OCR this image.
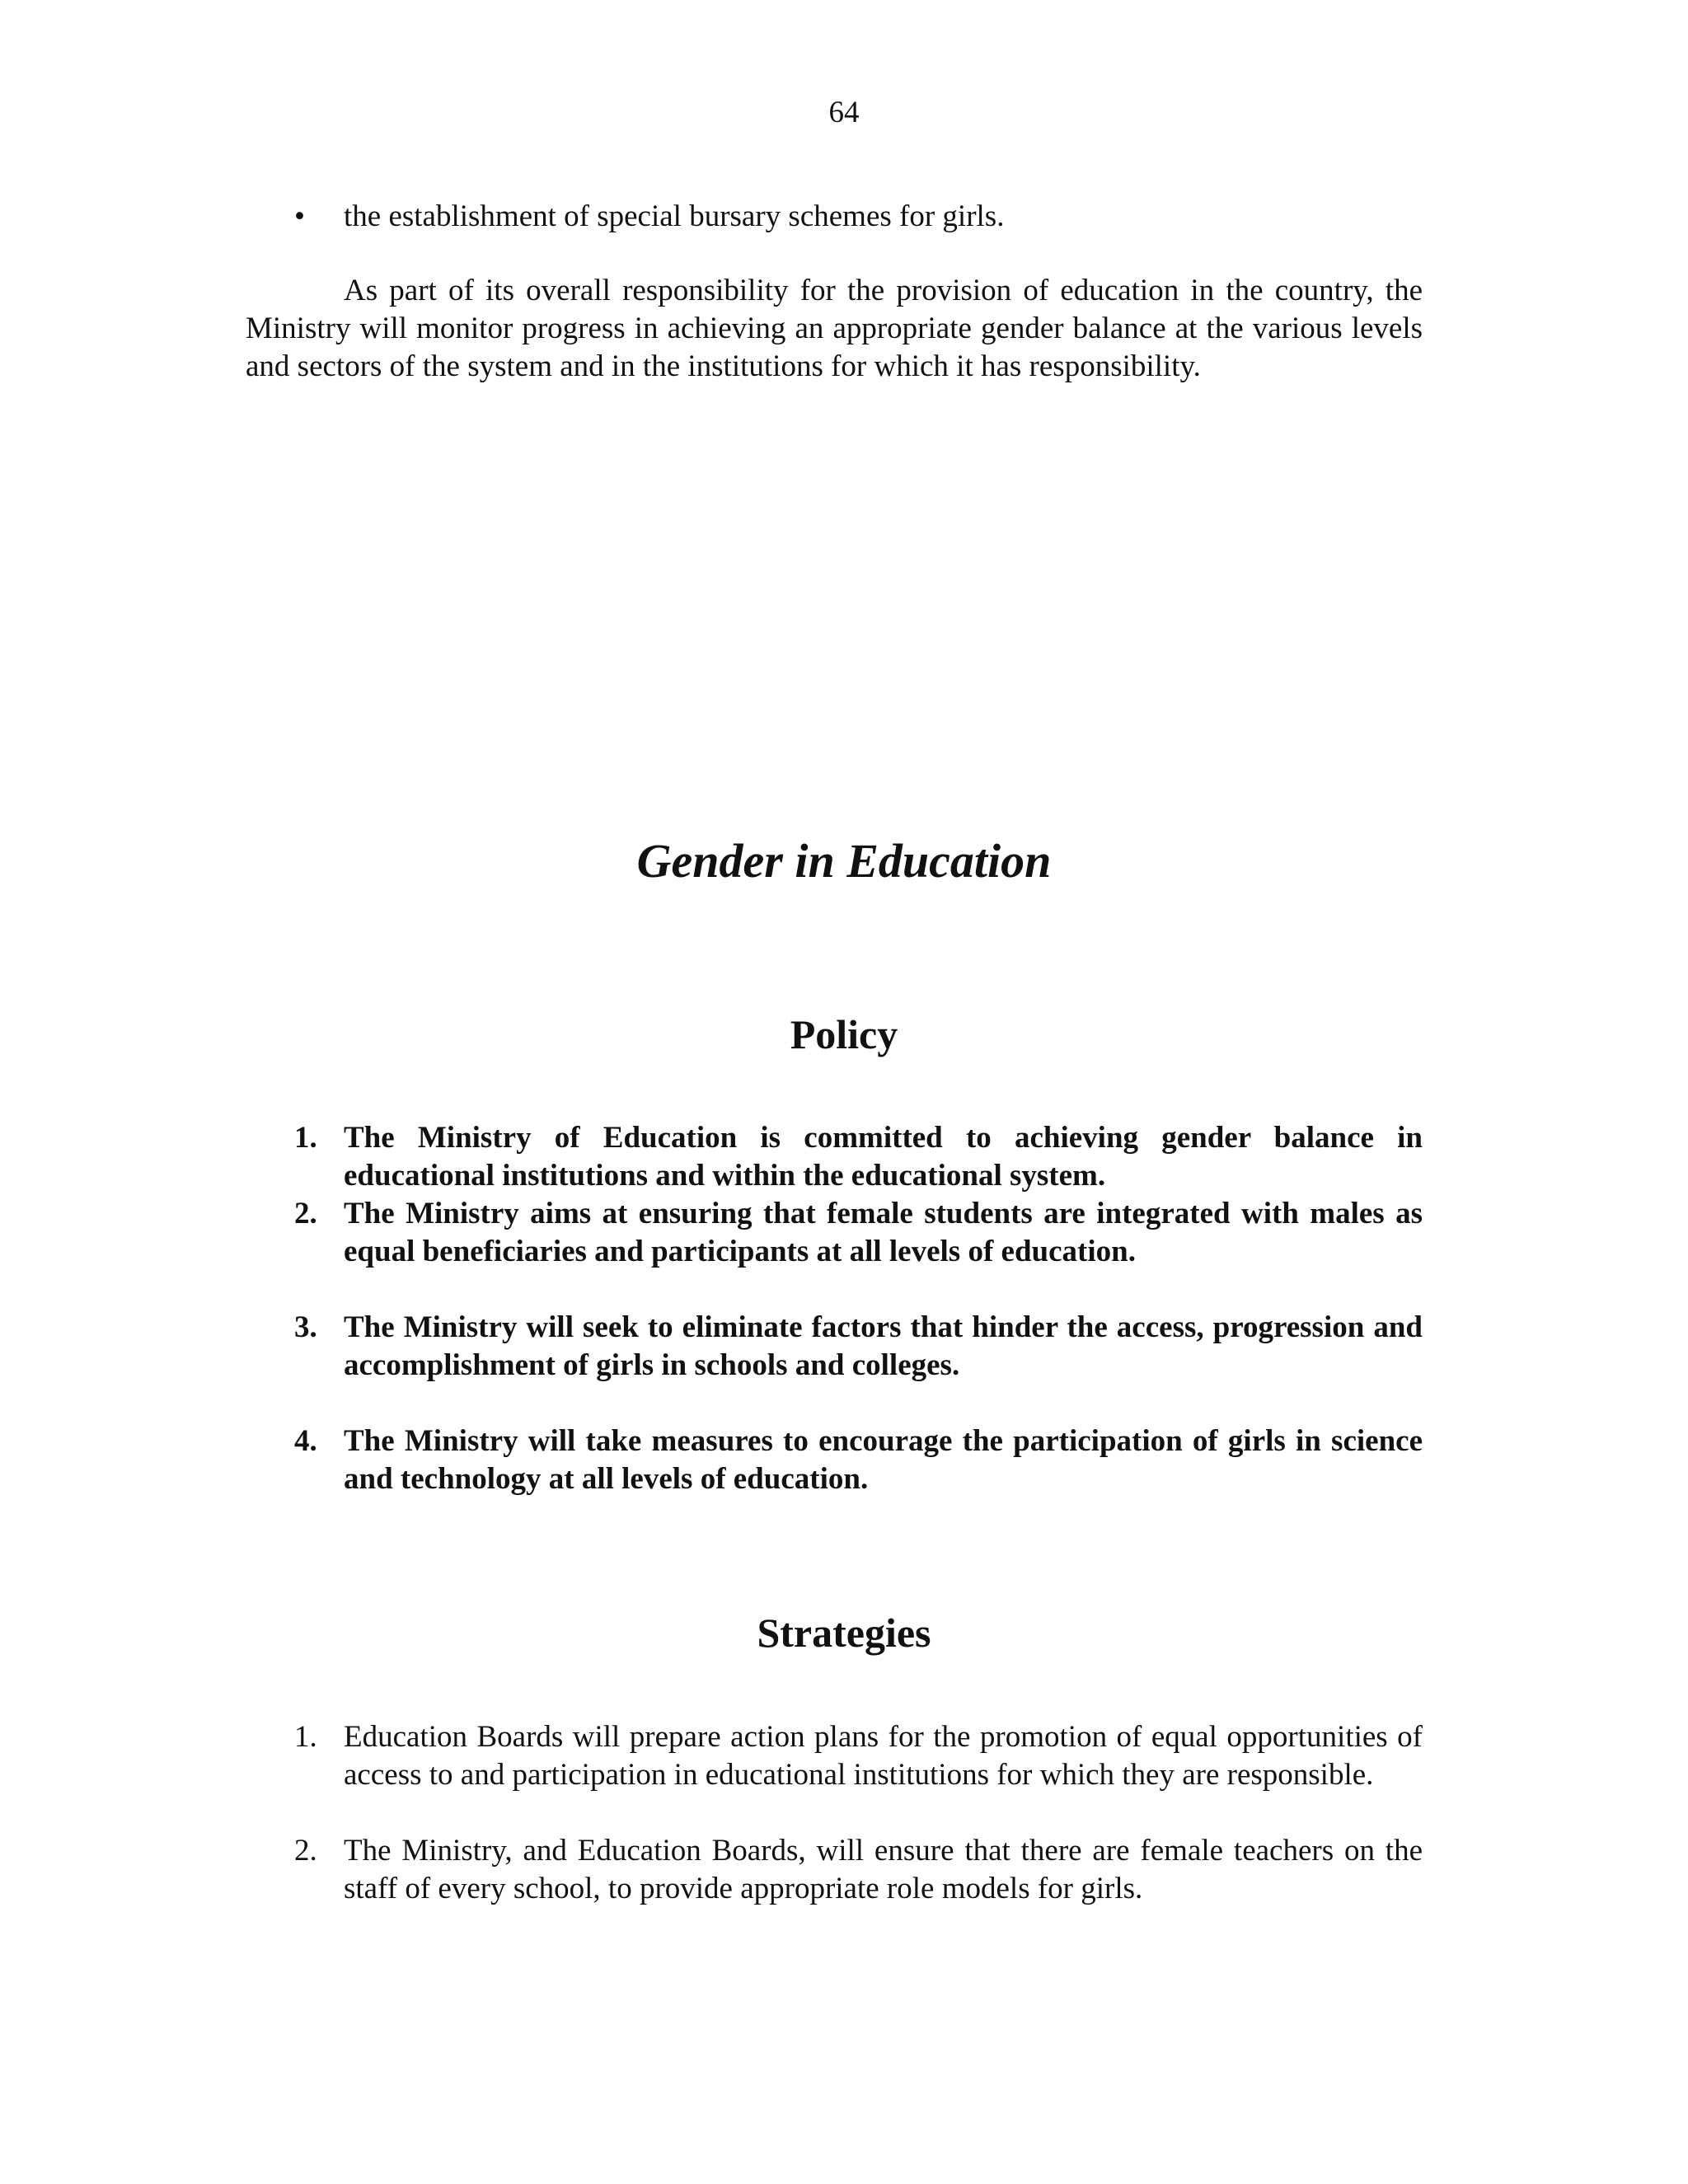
64
• the establishment of special bursary schemes for girls.

As part of its overall responsibility for the provision of education in the country, the Ministry will monitor progress in achieving an appropriate gender balance at the various levels and sectors of the system and in the institutions for which it has responsibility.

Gender in Education
Policy
1. The Ministry of Education is committed to achieving gender balance in educational institutions and within the educational system.
2. The Ministry aims at ensuring that female students are integrated with males as equal beneficiaries and participants at all levels of education.
3. The Ministry will seek to eliminate factors that hinder the access, progression and accomplishment of girls in schools and colleges.
4. The Ministry will take measures to encourage the participation of girls in science and technology at all levels of education.
Strategies
1. Education Boards will prepare action plans for the promotion of equal opportunities of access to and participation in educational institutions for which they are responsible.
2. The Ministry, and Education Boards, will ensure that there are female teachers on the staff of every school, to provide appropriate role models for girls.
